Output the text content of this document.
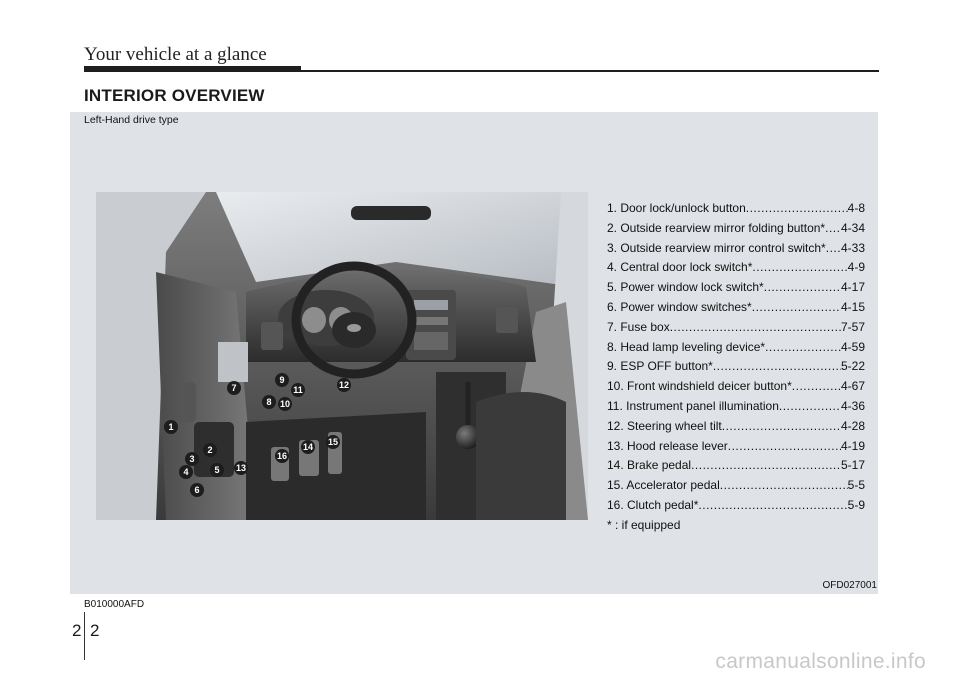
Your vehicle at a glance
INTERIOR OVERVIEW
Left-Hand drive type
1
2
3
4	5
6
7
8
9
10
11	12
13
14 15
16
1. Door lock/unlock button .....	4-8
2. Outside rearview mirror folding button* ..... 4-34
3. Outside rearview mirror control switch* ..... 4-33
4. Central door lock switch* .....	4-9
5. Power window lock switch* .....	4-17
6. Power window switches* .....	4-15
7. Fuse box .....	7-57
8. Head lamp leveling device* .....	4-59
9. ESP OFF button* .....	5-22
10. Front windshield deicer button* .....	4-67
11. Instrument panel illumination .....	4-36
12. Steering wheel tilt .....	4-28
13. Hood release lever .....	4-19
14. Brake pedal .....	5-17
15. Accelerator pedal .....	5-5
16. Clutch pedal* .....	5-9
* : if equipped
OFD027001
B010000AFD
2 2
carmanualsonline.info
